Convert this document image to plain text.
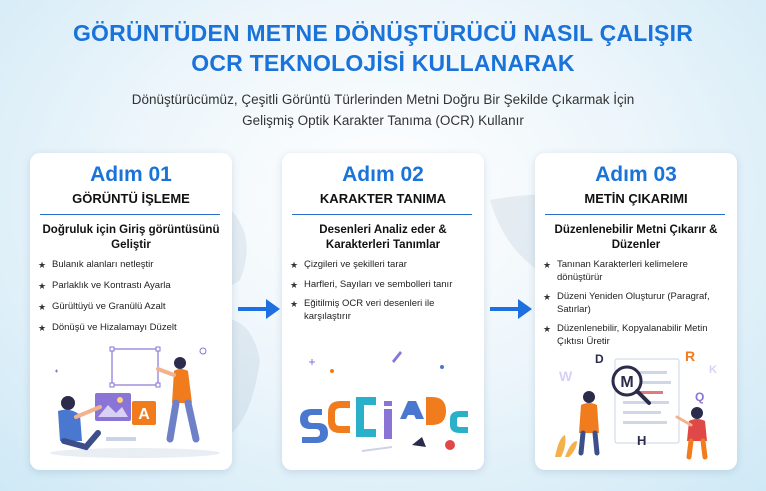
GÖRÜNTÜDEN METNE DÖNÜŞTÜRÜCÜ NASIL ÇALIŞIR
OCR TEKNOLOJİSİ KULLANARAK
Dönüştürücümüz, Çeşitli Görüntü Türlerinden Metni Doğru Bir Şekilde Çıkarmak İçin
Gelişmiş Optik Karakter Tanıma (OCR) Kullanır
Adım 01
GÖRÜNTÜ İŞLEME
Doğruluk için Giriş görüntüsünü Geliştir
★ Bulanık alanları netleştir
★ Parlaklık ve Kontrastı Ayarla
★ Gürültüyü ve Granülü Azalt
★ Dönüşü ve Hizalamayı Düzelt
A
Adım 02
KARAKTER TANIMA
Desenleri Analiz eder & Karakterleri Tanımlar
★ Çizgileri ve şekilleri tarar
★ Harfleri, Sayıları ve sembolleri tanır
★ Eğitilmiş OCR veri desenleri ile karşılaştırır
Adım 03
METİN ÇIKARIMI
Düzenlenebilir Metni Çıkarır & Düzenler
★ Tanınan Karakterleri kelimelere dönüştürür
★ Düzeni Yeniden Oluşturur (Paragraf, Satırlar)
★ Düzenlenebilir, Kopyalanabilir Metin Çıktısı Üretir
M
W
D	R
K
Q
H
